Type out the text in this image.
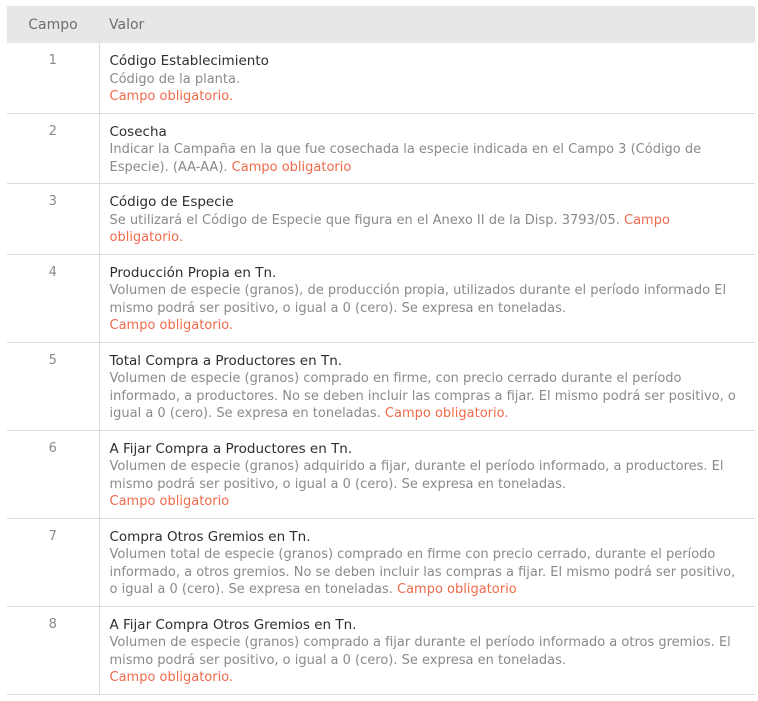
Campo	Valor
1	Código Establecimiento
Código de la planta.
Campo obligatorio.

2	Cosecha
Indicar la Campaña en la que fue cosechada la especie indicada en el Campo 3 (Código de Especie). (AA-AA). Campo obligatorio

3	Código de Especie
Se utilizará el Código de Especie que figura en el Anexo II de la Disp. 3793/05. Campo obligatorio.

4	Producción Propia en Tn.
Volumen de especie (granos), de producción propia, utilizados durante el período informado El mismo podrá ser positivo, o igual a 0 (cero). Se expresa en toneladas.
Campo obligatorio.

5	Total Compra a Productores en Tn.
Volumen de especie (granos) comprado en firme, con precio cerrado durante el período informado, a productores. No se deben incluir las compras a fijar. El mismo podrá ser positivo, o igual a 0 (cero). Se expresa en toneladas. Campo obligatorio.

6	A Fijar Compra a Productores en Tn.
Volumen de especie (granos) adquirido a fijar, durante el período informado, a productores. El mismo podrá ser positivo, o igual a 0 (cero). Se expresa en toneladas.
Campo obligatorio

7	Compra Otros Gremios en Tn.
Volumen total de especie (granos) comprado en firme con precio cerrado, durante el período informado, a otros gremios. No se deben incluir las compras a fijar. El mismo podrá ser positivo, o igual a 0 (cero). Se expresa en toneladas. Campo obligatorio

8	A Fijar Compra Otros Gremios en Tn.
Volumen de especie (granos) comprado a fijar durante el período informado a otros gremios. El mismo podrá ser positivo, o igual a 0 (cero). Se expresa en toneladas.
Campo obligatorio.
